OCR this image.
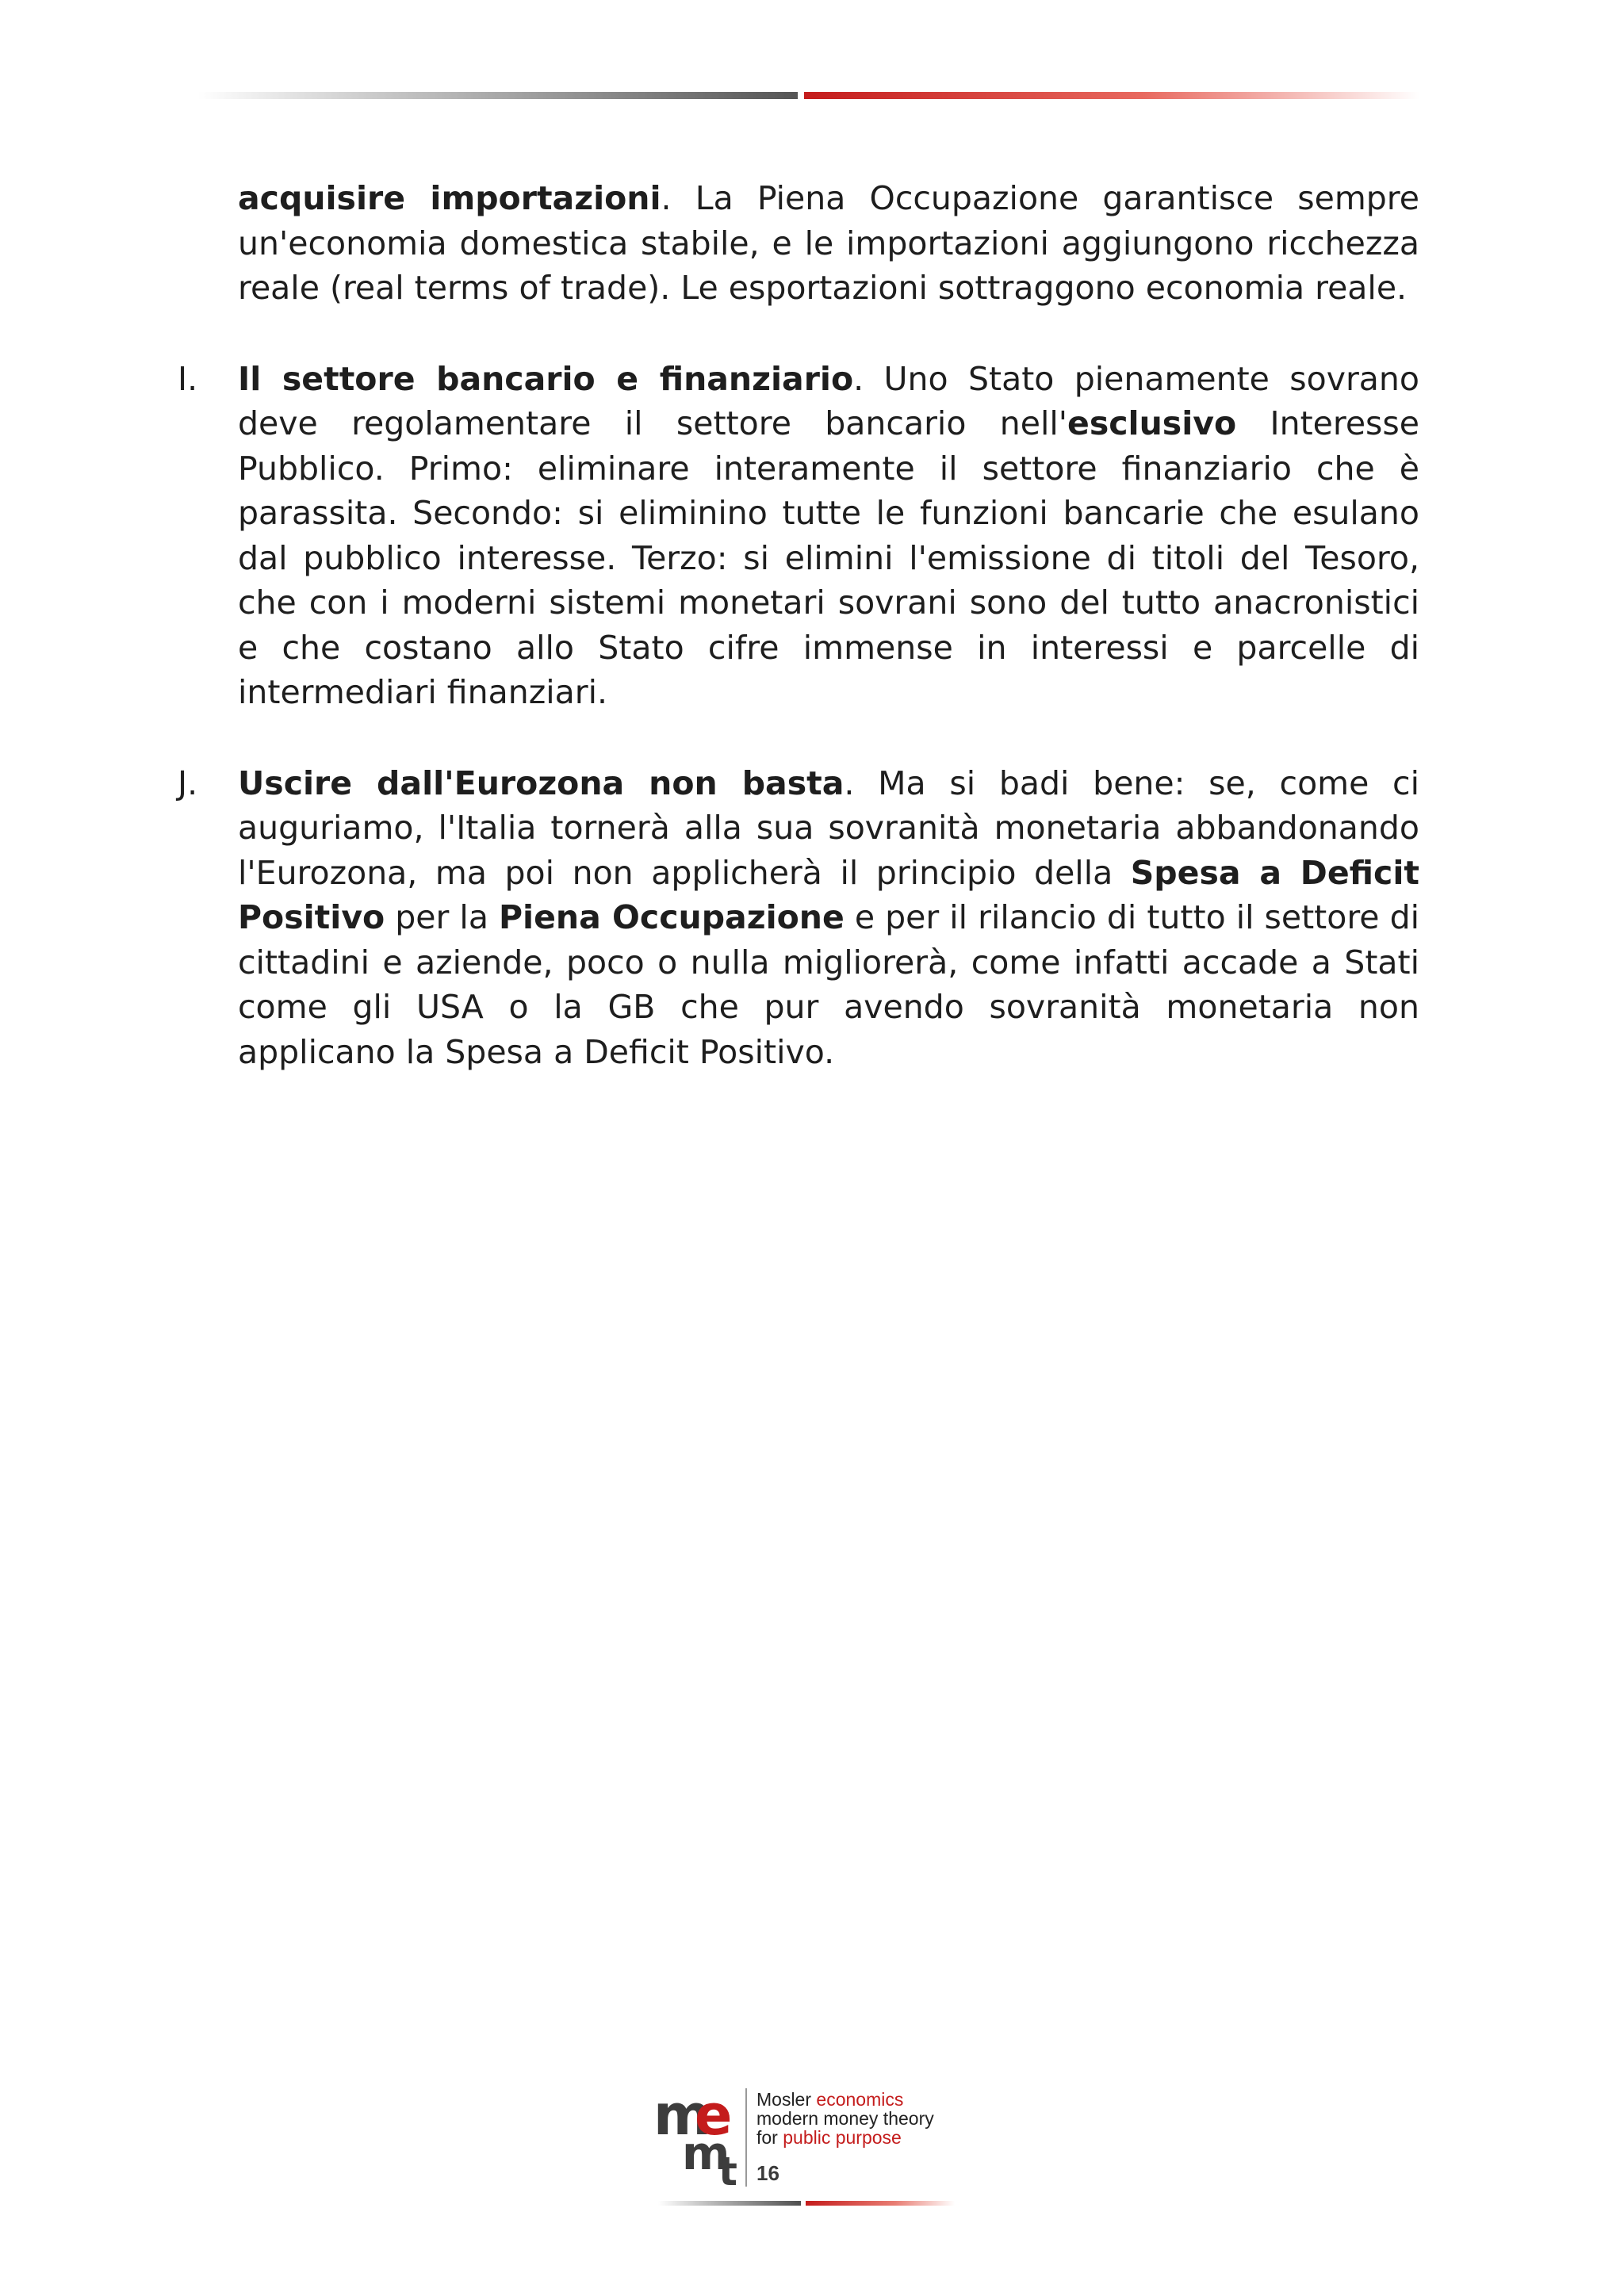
acquisire importazioni. La Piena Occupazione garantisce sempre un'economia domestica stabile, e le importazioni aggiungono ricchezza reale (real terms of trade). Le esportazioni sottraggono economia reale.

I. Il settore bancario e finanziario. Uno Stato pienamente sovrano deve regolamentare il settore bancario nell'esclusivo Interesse Pubblico. Primo: eliminare interamente il settore finanziario che è parassita. Secondo: si eliminino tutte le funzioni bancarie che esulano dal pubblico interesse. Terzo: si elimini l'emissione di titoli del Tesoro, che con i moderni sistemi monetari sovrani sono del tutto anacronistici e che costano allo Stato cifre immense in interessi e parcelle di intermediari finanziari.

J. Uscire dall'Eurozona non basta. Ma si badi bene: se, come ci auguriamo, l'Italia tornerà alla sua sovranità monetaria abbandonando l'Eurozona, ma poi non applicherà il principio della Spesa a Deficit Positivo per la Piena Occupazione e per il rilancio di tutto il settore di cittadini e aziende, poco o nulla migliorerà, come infatti accade a Stati come gli USA o la GB che pur avendo sovranità monetaria non applicano la Spesa a Deficit Positivo.

m
e
m
t
Mosler economics
modern money theory
for public purpose
16
